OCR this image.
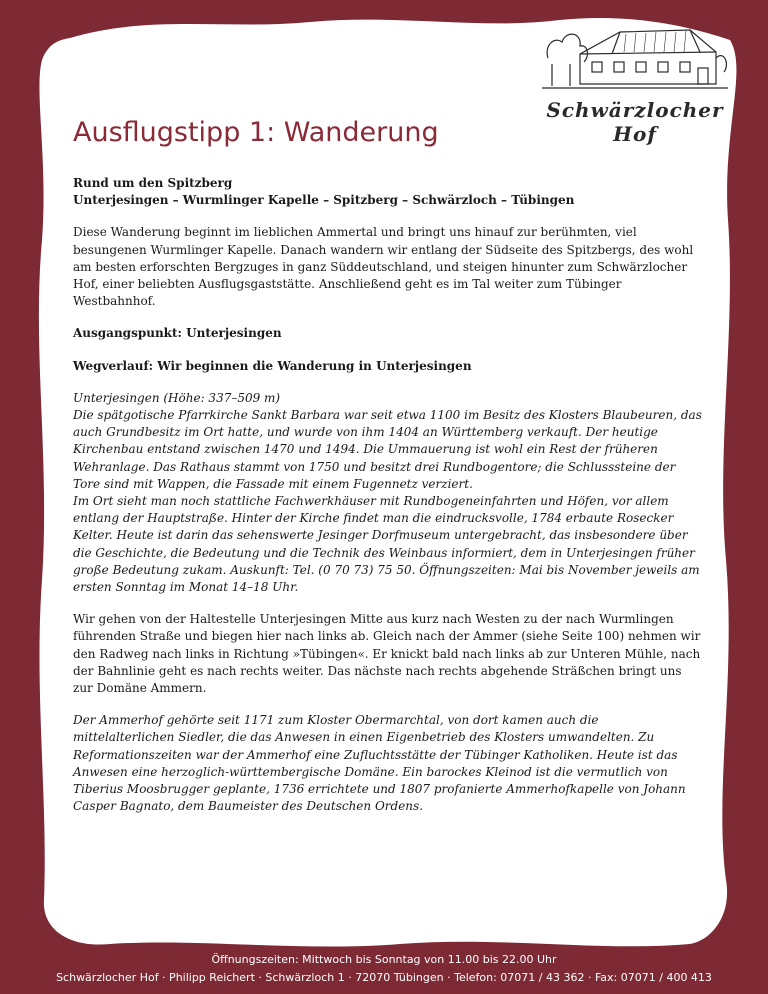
Schwärzlocher Hof
Ausflugstipp 1: Wanderung
Rund um den Spitzberg
Unterjesingen – Wurmlinger Kapelle – Spitzberg – Schwärzloch – Tübingen

Diese Wanderung beginnt im lieblichen Ammertal und bringt uns hinauf zur berühmten, viel besungenen Wurmlinger Kapelle. Danach wandern wir entlang der Südseite des Spitzbergs, des wohl am besten erforschten Bergzuges in ganz Süddeutschland, und steigen hinunter zum Schwärzlocher Hof, einer beliebten Ausflugsgaststätte. Anschließend geht es im Tal weiter zum Tübinger Westbahnhof.

Ausgangspunkt: Unterjesingen

Wegverlauf: Wir beginnen die Wanderung in Unterjesingen

Unterjesingen (Höhe: 337–509 m)
Die spätgotische Pfarrkirche Sankt Barbara war seit etwa 1100 im Besitz des Klosters Blaubeuren, das auch Grundbesitz im Ort hatte, und wurde von ihm 1404 an Württemberg verkauft. Der heutige Kirchenbau entstand zwischen 1470 und 1494. Die Ummauerung ist wohl ein Rest der früheren Wehranlage. Das Rathaus stammt von 1750 und besitzt drei Rundbogentore; die Schlusssteine der Tore sind mit Wappen, die Fassade mit einem Fugennetz verziert.
Im Ort sieht man noch stattliche Fachwerkhäuser mit Rundbogeneinfahrten und Höfen, vor allem entlang der Hauptstraße. Hinter der Kirche findet man die eindrucksvolle, 1784 erbaute Rosecker Kelter. Heute ist darin das sehenswerte Jesinger Dorfmuseum untergebracht, das insbesondere über die Geschichte, die Bedeutung und die Technik des Weinbaus informiert, dem in Unterjesingen früher große Bedeutung zukam. Auskunft: Tel. (0 70 73) 75 50. Öffnungszeiten: Mai bis November jeweils am ersten Sonntag im Monat 14–18 Uhr.

Wir gehen von der Haltestelle Unterjesingen Mitte aus kurz nach Westen zu der nach Wurmlingen führenden Straße und biegen hier nach links ab. Gleich nach der Ammer (siehe Seite 100) nehmen wir den Radweg nach links in Richtung »Tübingen«. Er knickt bald nach links ab zur Unteren Mühle, nach der Bahnlinie geht es nach rechts weiter. Das nächste nach rechts abgehende Sträßchen bringt uns zur Domäne Ammern.

Der Ammerhof gehörte seit 1171 zum Kloster Obermarchtal, von dort kamen auch die mittelalterlichen Siedler, die das Anwesen in einen Eigenbetrieb des Klosters umwandelten. Zu Reformationszeiten war der Ammerhof eine Zufluchtsstätte der Tübinger Katholiken. Heute ist das Anwesen eine herzoglich-württembergische Domäne. Ein barockes Kleinod ist die vermutlich von Tiberius Moosbrugger geplante, 1736 errichtete und 1807 profanierte Ammerhofkapelle von Johann Casper Bagnato, dem Baumeister des Deutschen Ordens.

Öffnungszeiten: Mittwoch bis Sonntag von 11.00 bis 22.00 Uhr
Schwärzlocher Hof · Philipp Reichert · Schwärzloch 1 · 72070 Tübingen · Telefon: 07071 / 43 362 · Fax: 07071 / 400 413
